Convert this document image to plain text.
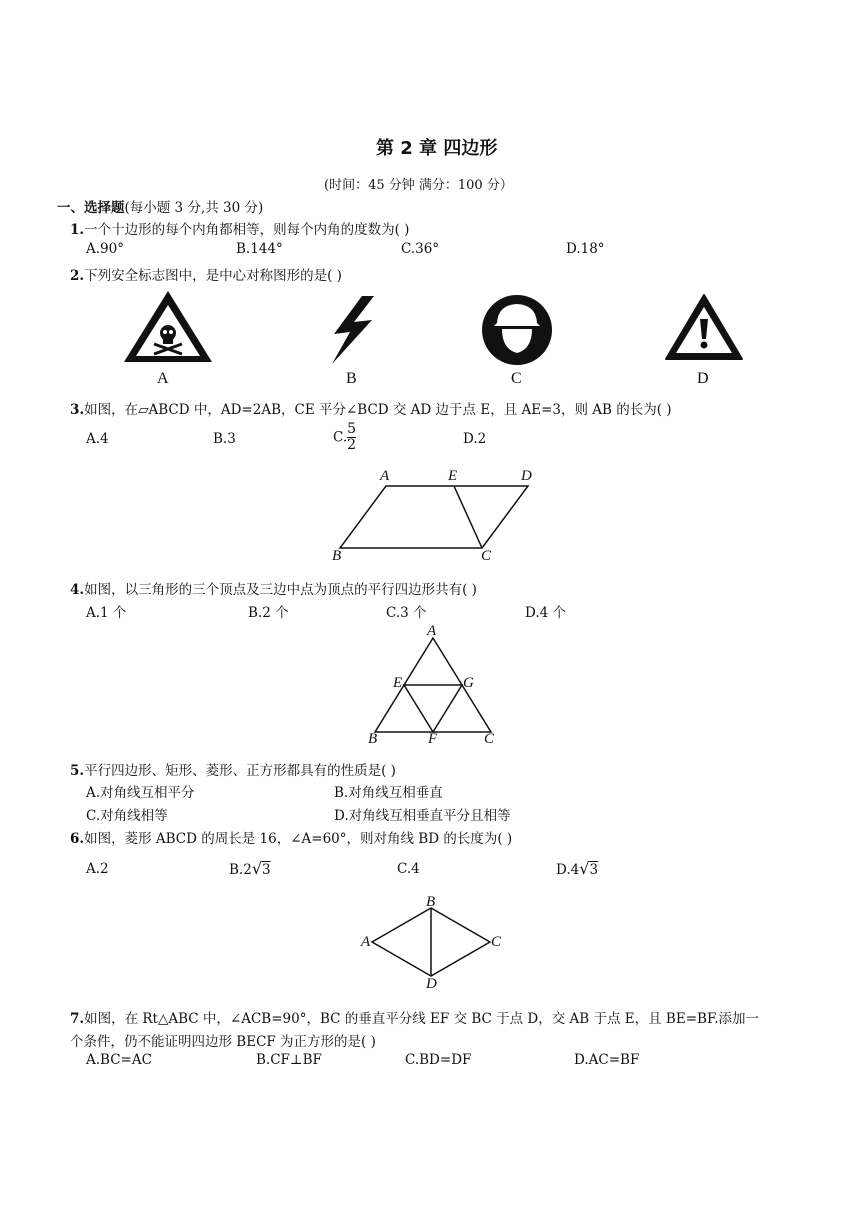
第 2 章 四边形
(时间：45 分钟 满分：100 分）
一、选择题(每小题 3 分,共 30 分)
1.一个十边形的每个内角都相等，则每个内角的度数为( )
A.90°	B.144°	C.36°	D.18°
2.下列安全标志图中，是中心对称图形的是( )
A	B	C	D
3.如图，在▱ABCD 中，AD=2AB，CE 平分∠BCD 交 AD 边于点 E，且 AE=3，则 AB 的长为( )
A.4	B.3	C. $\frac{5}{2}$	D.2
A	E	D
B	C
4.如图，以三角形的三个顶点及三边中点为顶点的平行四边形共有( )
A.1 个	B.2 个	C.3 个	D.4 个
A
E	G
B	F	C
5.平行四边形、矩形、菱形、正方形都具有的性质是( )
A.对角线互相平分	B.对角线互相垂直
C.对角线相等	D.对角线互相垂直平分且相等
6.如图，菱形 ABCD 的周长是 16，∠A=60°，则对角线 BD 的长度为( )
A.2	B.2√3	C.4	D.4√3
B
A	C
D
7.如图，在 Rt△ABC 中，∠ACB=90°，BC 的垂直平分线 EF 交 BC 于点 D，交 AB 于点 E，且 BE=BF.添加一
个条件，仍不能证明四边形 BECF 为正方形的是( )
A.BC=AC	B.CF⊥BF	C.BD=DF	D.AC=BF
